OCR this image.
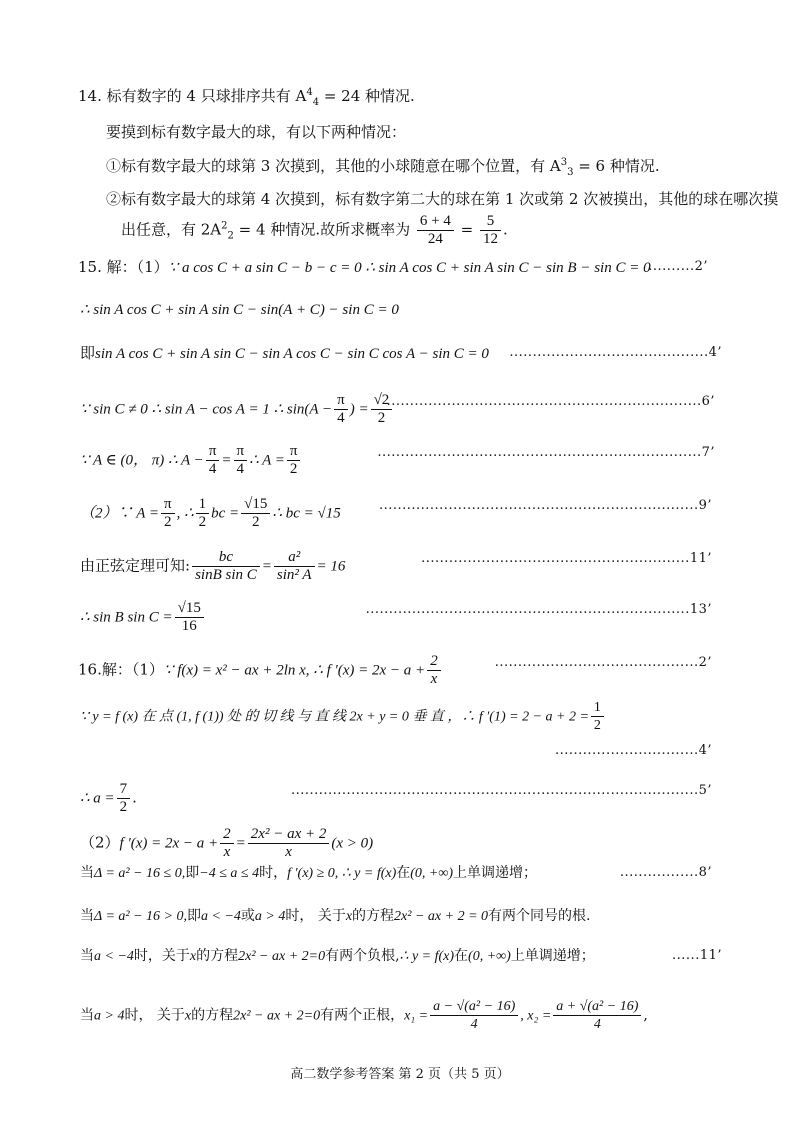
14. 标有数字的 4 只球排序共有 $A^4_4 = 24$ 种情况.
要摸到标有数字最大的球，有以下两种情况：
①标有数字最大的球第 3 次摸到，其他的小球随意在哪个位置，有 $A^3_3 = 6$ 种情况.
②标有数字最大的球第 4 次摸到，标有数字第二大的球在第 1 次或第 2 次被摸出，其他的球在哪次摸
出任意，有 $2A^2_2 = 4$ 种情况.故所求概率为 $\frac{6 + 4}{24} = \frac{5}{12}$ .
15. 解：（1）∵ a cos C + a sin C − b − c = 0 ∴ sin A cos C + sin A sin C − sin B − sin C = 0
..........2’
∴ sin A cos C + sin A sin C − sin(A + C) − sin C = 0
即sin A cos C + sin A sin C − sin A cos C − sin C cos A − sin C = 0 ...........................................4’
∵ sin C ≠ 0 ∴ sin A − cos A = 1 ∴ $\sin(A - \frac{\pi}{4}$ ) = $\frac{√2}{2}$
....................................................................6’
∵ A ∈ (0， π) ∴ $A - \frac{\pi}{4} = \frac{\pi}{4}$ ∴ $A = \frac{\pi}{2}$	......................................................................7’
（2）∵ $A = \frac{\pi}{2}$ , ∴ $\frac{1}{2}$ bc = $\frac{√15}{2}$ ∴ bc = √15	.....................................................................9’
由正弦定理可知: $\frac{bc}{\text{sinB sin C}} = \frac{\text{a²}}{\text{sin² A}} = 16$	..........................................................11’
∴ sin B $\sin C = \frac{√15}{16}$	......................................................................13’
16.解：（1）∵ f(x) = x² − ax + 2ln x, ∴ f $'(x) = 2x - a + \frac{2}{x}$	............................................2’
∵ y = f (x) 在 点 (1, f (1)) 处 的 切 线 与 直 线 2x + y = 0 垂 直 ，∴ f $'(1) = 2 - a + 2 = \frac{1}{2}$
...............................4’
∴ $a = \frac{7}{2}$ .	........................................................................................5’
（2）f $'(x) = 2x - a + \frac{2}{x} = \frac{\text{2x² − ax + 2}}{x} (x > 0)$
当Δ = a² − 16 ≤ 0,即−4 ≤ a ≤ 4时，f ′(x) ≥ 0, ∴ y = f(x)在(0, +∞)上单调递增；	.................8’
当Δ = a² − 16 > 0,即a < −4或a > 4时， 关于x的方程2x² − ax + 2 = 0有两个同号的根.
当a < −4时，关于x的方程2x² − ax + 2=0有两个负根,∴ y = f(x)在(0, +∞)上单调递增；	......11’
当a > 4时， 关于x的方程2x² − ax + 2=0有两个正根，$x_1 = \frac{\text{a − √(a² − 16)}}{4}$ , $x_2 = \frac{\text{a + √(a² − 16)}}{4}$ ,
高二数学参考答案 第 2 页（共 5 页）
